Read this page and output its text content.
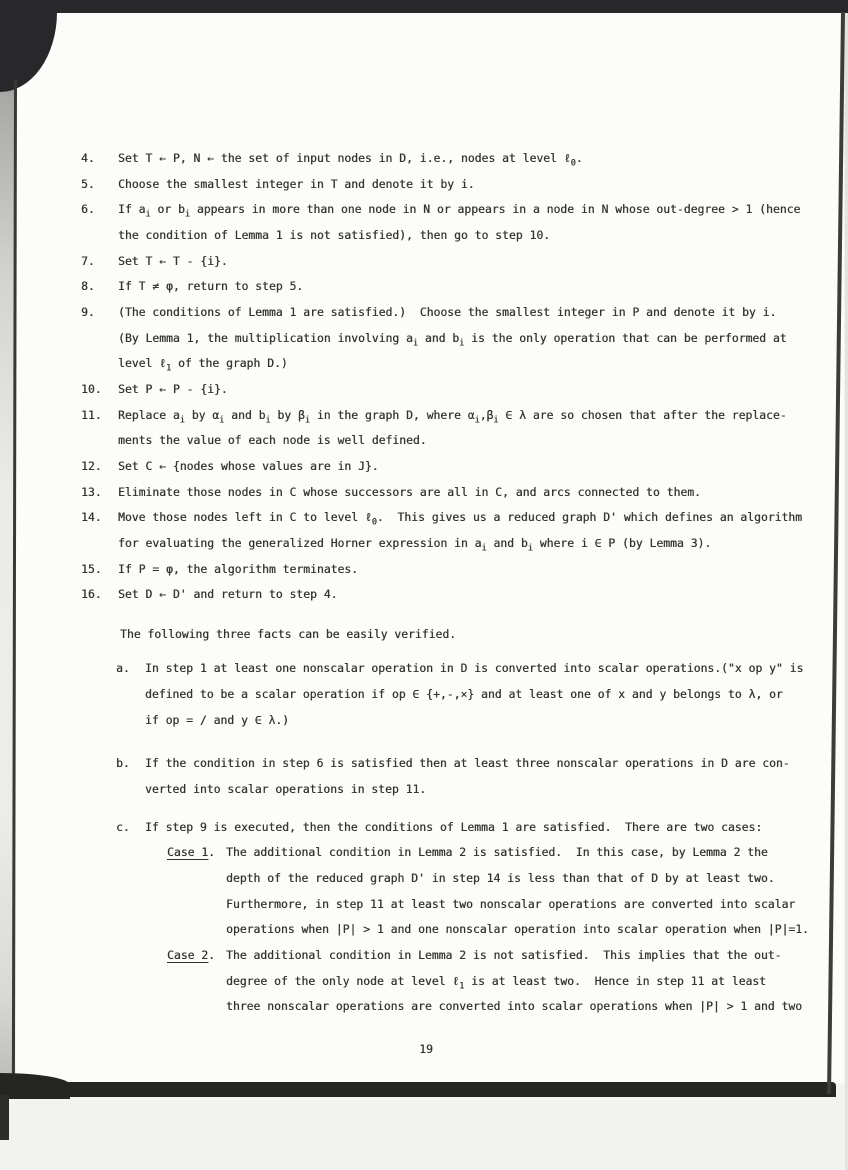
4.	Set T ← P, N ← the set of input nodes in D, i.e., nodes at level ℓ$_0$.
5.	Choose the smallest integer in T and denote it by i.
6.	If $a_i$ or $b_i$ appears in more than one node in N or appears in a node in N whose out-degree > 1 (hence
the condition of Lemma 1 is not satisfied), then go to step 10.
7.	Set T ← T - {i}.
8.	If T ≠ φ, return to step 5.
9.	(The conditions of Lemma 1 are satisfied.)  Choose the smallest integer in P and denote it by i.
(By Lemma 1, the multiplication involving $a_i$ and $b_i$ is the only operation that can be performed at
level ℓ$_1$ of the graph D.)
10.	Set P ← P - {i}.
11.	Replace $a_i$ by $\alpha_i$ and $b_i$ by $\beta_i$ in the graph D, where $\alpha_i,\beta_i$ ∈ λ are so chosen that after the replace-
ments the value of each node is well defined.
12.	Set C ← {nodes whose values are in J}.
13.	Eliminate those nodes in C whose successors are all in C, and arcs connected to them.
14.	Move those nodes left in C to level ℓ$_0$.  This gives us a reduced graph D' which defines an algorithm
for evaluating the generalized Horner expression in $a_i$ and $b_i$ where i ∈ P (by Lemma 3).
15.	If P = φ, the algorithm terminates.
16.	Set D ← D' and return to step 4.
The following three facts can be easily verified.
a.	In step 1 at least one nonscalar operation in D is converted into scalar operations.("x op y" is
defined to be a scalar operation if op ∈ {+,-,×} and at least one of x and y belongs to λ, or
if op = / and y ∈ λ.)
b.	If the condition in step 6 is satisfied then at least three nonscalar operations in D are con-
verted into scalar operations in step 11.
c.	If step 9 is executed, then the conditions of Lemma 1 are satisfied.  There are two cases:
Case 1. The additional condition in Lemma 2 is satisfied.  In this case, by Lemma 2 the
depth of the reduced graph D' in step 14 is less than that of D by at least two.
Furthermore, in step 11 at least two nonscalar operations are converted into scalar
operations when |P| > 1 and one nonscalar operation into scalar operation when |P|=1.
Case 2. The additional condition in Lemma 2 is not satisfied.  This implies that the out-
degree of the only node at level ℓ$_1$ is at least two.  Hence in step 11 at least
three nonscalar operations are converted into scalar operations when |P| > 1 and two
19
